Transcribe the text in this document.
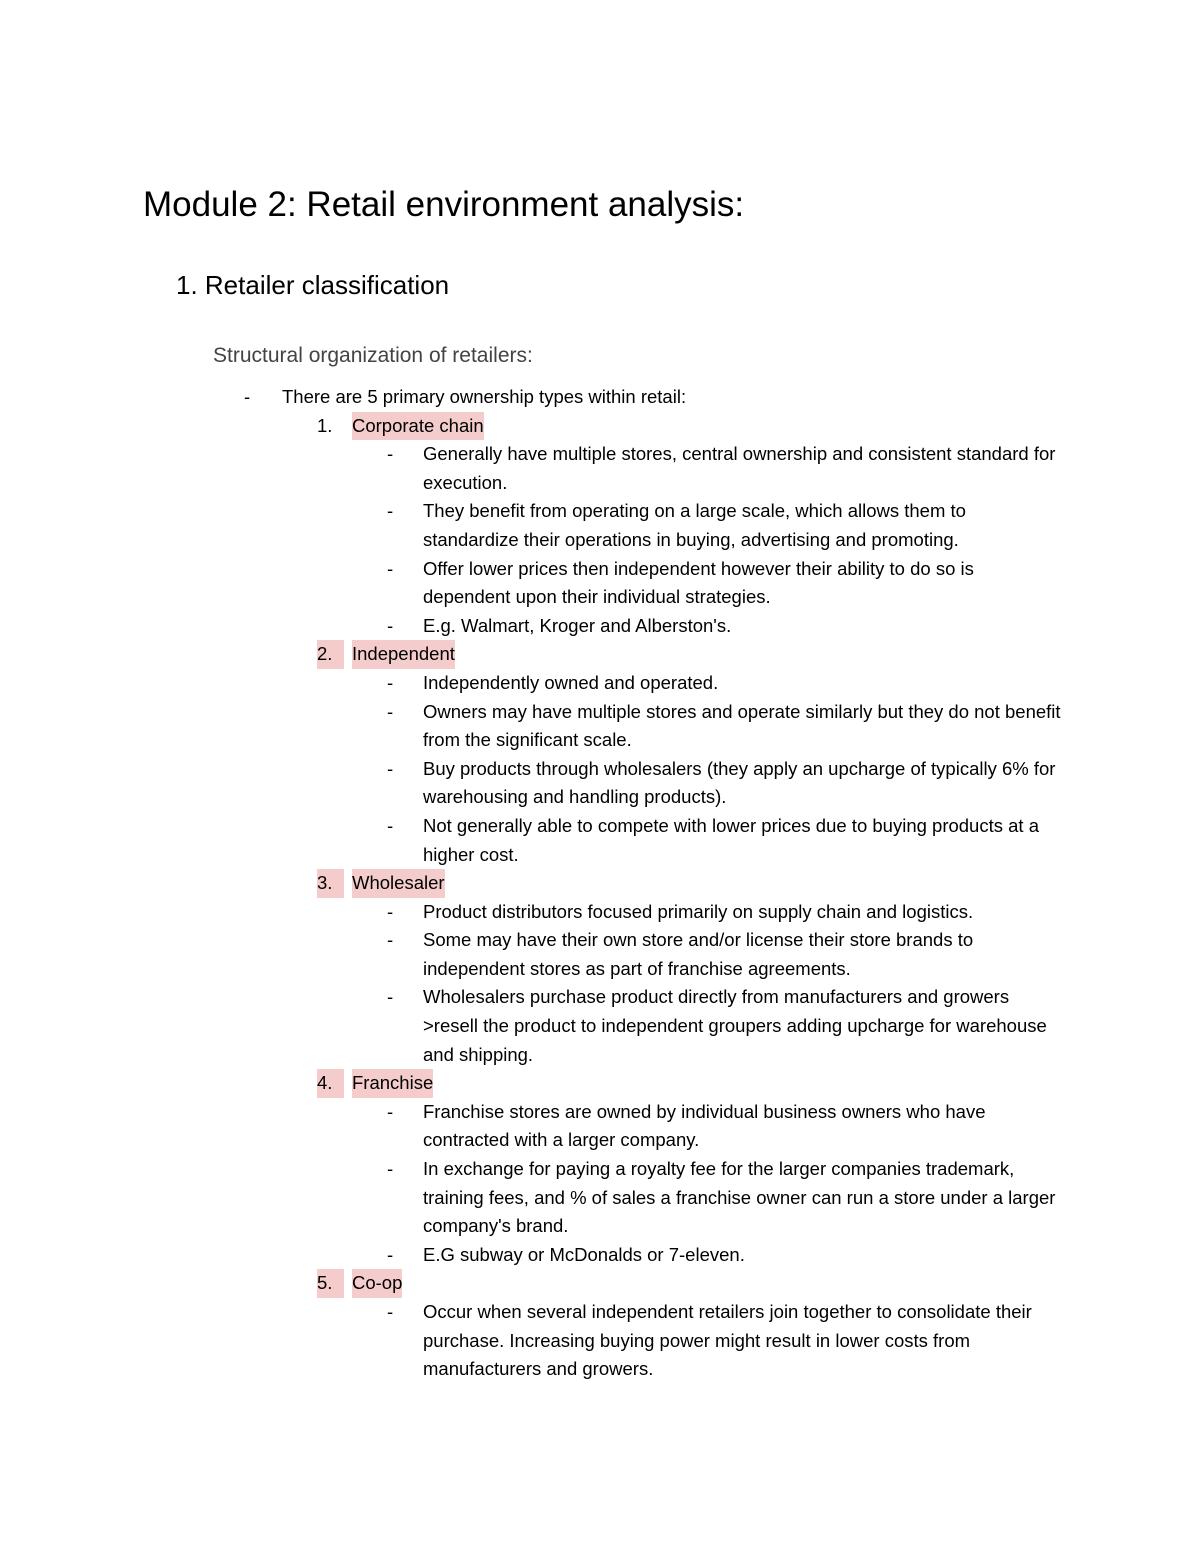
Module 2: Retail environment analysis:
1. Retailer classification
Structural organization of retailers:
-	There are 5 primary ownership types within retail:
1. Corporate chain
-	Generally have multiple stores, central ownership and consistent standard for execution.
-	They benefit from operating on a large scale, which allows them to standardize their operations in buying, advertising and promoting.
-	Offer lower prices then independent however their ability to do so is dependent upon their individual strategies.
-	E.g. Walmart, Kroger and Alberston's.
2.	Independent
-	Independently owned and operated.
-	Owners may have multiple stores and operate similarly but they do not benefit from the significant scale.
-	Buy products through wholesalers (they apply an upcharge of typically 6% for warehousing and handling products).
-	Not generally able to compete with lower prices due to buying products at a higher cost.
3.	Wholesaler
-	Product distributors focused primarily on supply chain and logistics.
-	Some may have their own store and/or license their store brands to independent stores as part of franchise agreements.
-	Wholesalers purchase product directly from manufacturers and growers >resell the product to independent groupers adding upcharge for warehouse and shipping.
4.	Franchise
-	Franchise stores are owned by individual business owners who have contracted with a larger company.
-	In exchange for paying a royalty fee for the larger companies trademark, training fees, and % of sales a franchise owner can run a store under a larger company's brand.
-	E.G subway or McDonalds or 7-eleven.
5.	Co-op
-	Occur when several independent retailers join together to consolidate their purchase. Increasing buying power might result in lower costs from manufacturers and growers.
